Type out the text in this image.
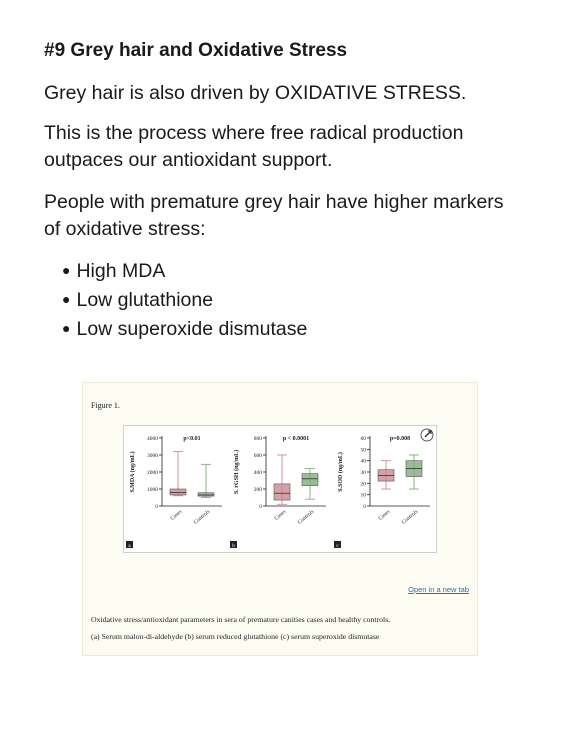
#9 Grey hair and Oxidative Stress
Grey hair is also driven by OXIDATIVE STRESS.
This is the process where free radical production outpaces our antioxidant support.
People with premature grey hair have higher markers of oxidative stress:
● High MDA
● Low glutathione
● Low superoxide dismutase
Figure 1.
0
1000
2000
3000
4000
S.MDA (ng/mL)
p<0.01
Cases Controls
a
0
200
400
600
800
S. rGSH (ng/mL)
p < 0.0001
Cases Controls
b
0
10
20
30
40
50
60
S.SOD (ng/mL)
p=0.008
Cases Controls
c
Open in a new tab
Oxidative stress/antioxidant parameters in sera of premature canities cases and healthy controls.
(a) Serum malon-di-aldehyde (b) serum reduced glutathione (c) serum superoxide dismutase
